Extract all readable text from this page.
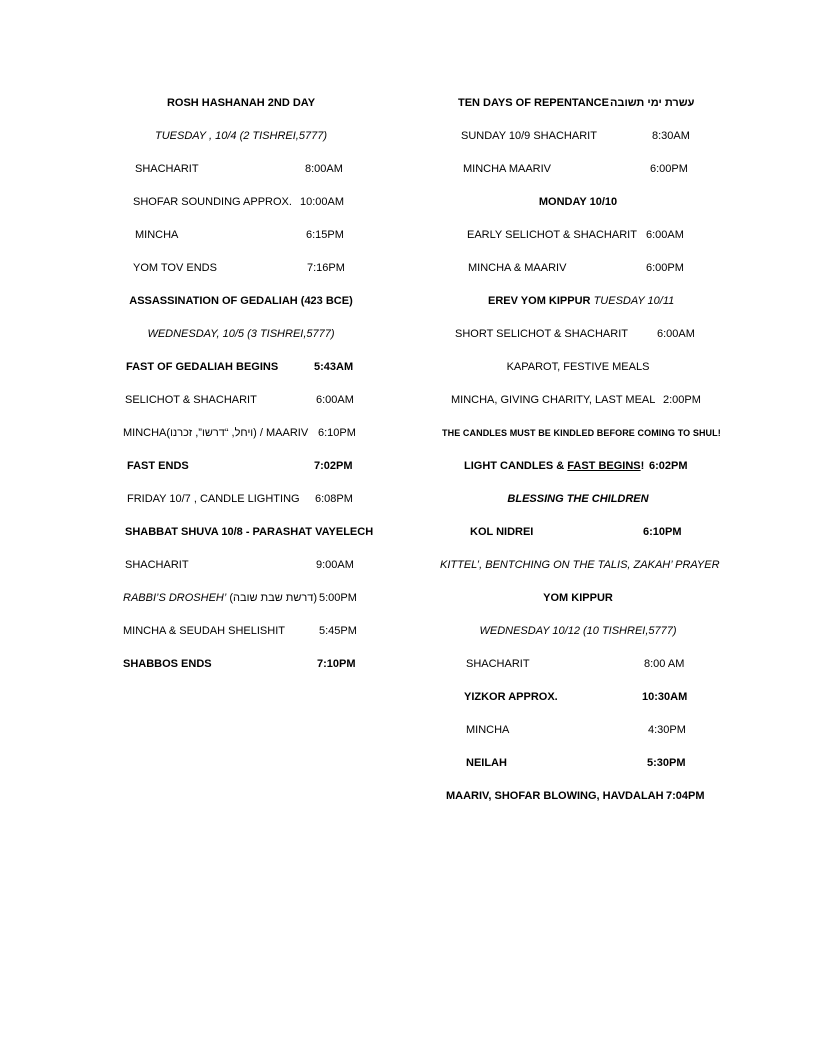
ROSH HASHANAH 2ND DAY
TUESDAY , 10/4 (2 TISHREI,5777)
SHACHARIT	8:00AM
SHOFAR SOUNDING APPROX. 10:00AM
MINCHA	6:15PM
YOM TOV ENDS	7:16PM
ASSASSINATION OF GEDALIAH (423 BCE)
WEDNESDAY, 10/5 (3 TISHREI,5777)
FAST OF GEDALIAH BEGINS	5:43AM
SELICHOT & SHACHARIT	6:00AM
MINCHA(ויחל, “דרשו”, זכרנו) / MAARIV 6:10PM
FAST ENDS	7:02PM
FRIDAY 10/7 , CANDLE LIGHTING 6:08PM
SHABBAT SHUVA 10/8 - PARASHAT VAYELECH
SHACHARIT	9:00AM
RABBI’S DROSHEH’ (דרשת שבת שובה) 5:00PM
MINCHA & SEUDAH SHELISHIT	5:45PM
SHABBOS ENDS	7:10PM
TEN DAYS OF REPENTANCE עשרת ימי תשובה
SUNDAY 10/9 SHACHARIT	8:30AM
MINCHA MAARIV	6:00PM
MONDAY 10/10
EARLY SELICHOT & SHACHARIT 6:00AM
MINCHA & MAARIV	6:00PM
EREV YOM KIPPUR TUESDAY 10/11
SHORT SELICHOT & SHACHARIT	6:00AM
KAPAROT, FESTIVE MEALS
MINCHA, GIVING CHARITY, LAST MEAL 2:00PM
THE CANDLES MUST BE KINDLED BEFORE COMING TO SHUL!
LIGHT CANDLES & FAST BEGINS! 6:02PM
BLESSING THE CHILDREN
KOL NIDREI	6:10PM
KITTEL’, BENTCHING ON THE TALIS, ZAKAH’ PRAYER
YOM KIPPUR
WEDNESDAY 10/12 (10 TISHREI,5777)
SHACHARIT	8:00 AM
YIZKOR APPROX.	10:30AM
MINCHA	4:30PM
NEILAH	5:30PM
MAARIV, SHOFAR BLOWING, HAVDALAH 7:04PM
